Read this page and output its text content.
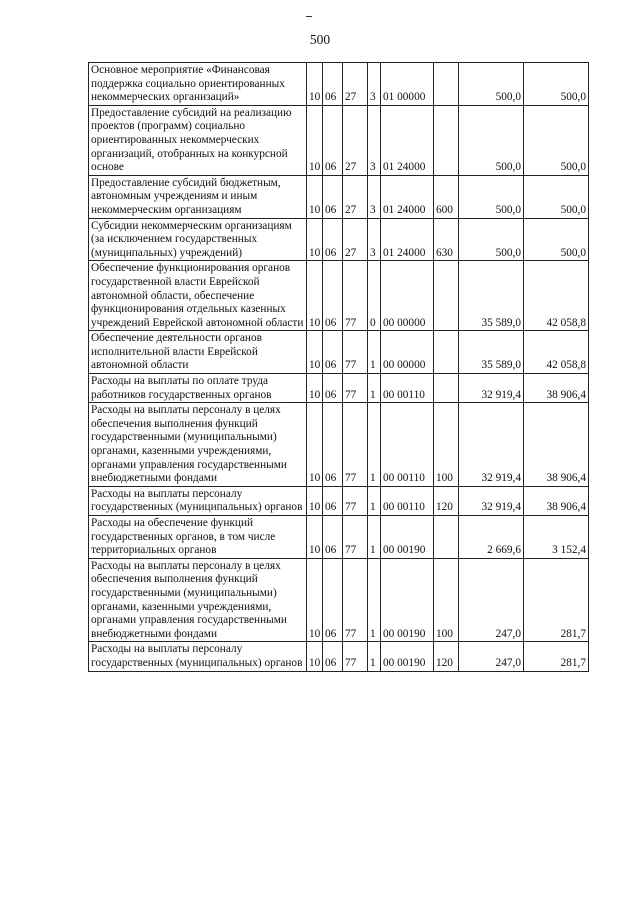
500
Основное мероприятие «Финансовая поддержка социально ориентированных некоммерческих организаций»	10	06	27	3	01 00000		500,0	500,0
Предоставление субсидий на реализацию проектов (программ) социально ориентированных некоммерческих организаций, отобранных на конкурсной основе	10	06	27	3	01 24000		500,0	500,0
Предоставление субсидий бюджетным, автономным учреждениям и иным некоммерческим организациям	10	06	27	3	01 24000	600	500,0	500,0
Субсидии некоммерческим организациям (за исключением государственных (муниципальных) учреждений)	10	06	27	3	01 24000	630	500,0	500,0
Обеспечение функционирования органов государственной власти Еврейской автономной области, обеспечение функционирования отдельных казенных учреждений Еврейской автономной области	10	06	77	0	00 00000		35 589,0	42 058,8
Обеспечение деятельности органов исполнительной власти Еврейской автономной области	10	06	77	1	00 00000		35 589,0	42 058,8
Расходы на выплаты по оплате труда работников государственных органов	10	06	77	1	00 00110		32 919,4	38 906,4
Расходы на выплаты персоналу в целях обеспечения выполнения функций государственными (муниципальными) органами, казенными учреждениями, органами управления государственными внебюджетными фондами	10	06	77	1	00 00110	100	32 919,4	38 906,4
Расходы на выплаты персоналу государственных (муниципальных) органов	10	06	77	1	00 00110	120	32 919,4	38 906,4
Расходы на обеспечение функций государственных органов, в том числе территориальных органов	10	06	77	1	00 00190		2 669,6	3 152,4
Расходы на выплаты персоналу в целях обеспечения выполнения функций государственными (муниципальными) органами, казенными учреждениями, органами управления государственными внебюджетными фондами	10	06	77	1	00 00190	100	247,0	281,7
Расходы на выплаты персоналу государственных (муниципальных) органов	10	06	77	1	00 00190	120	247,0	281,7
